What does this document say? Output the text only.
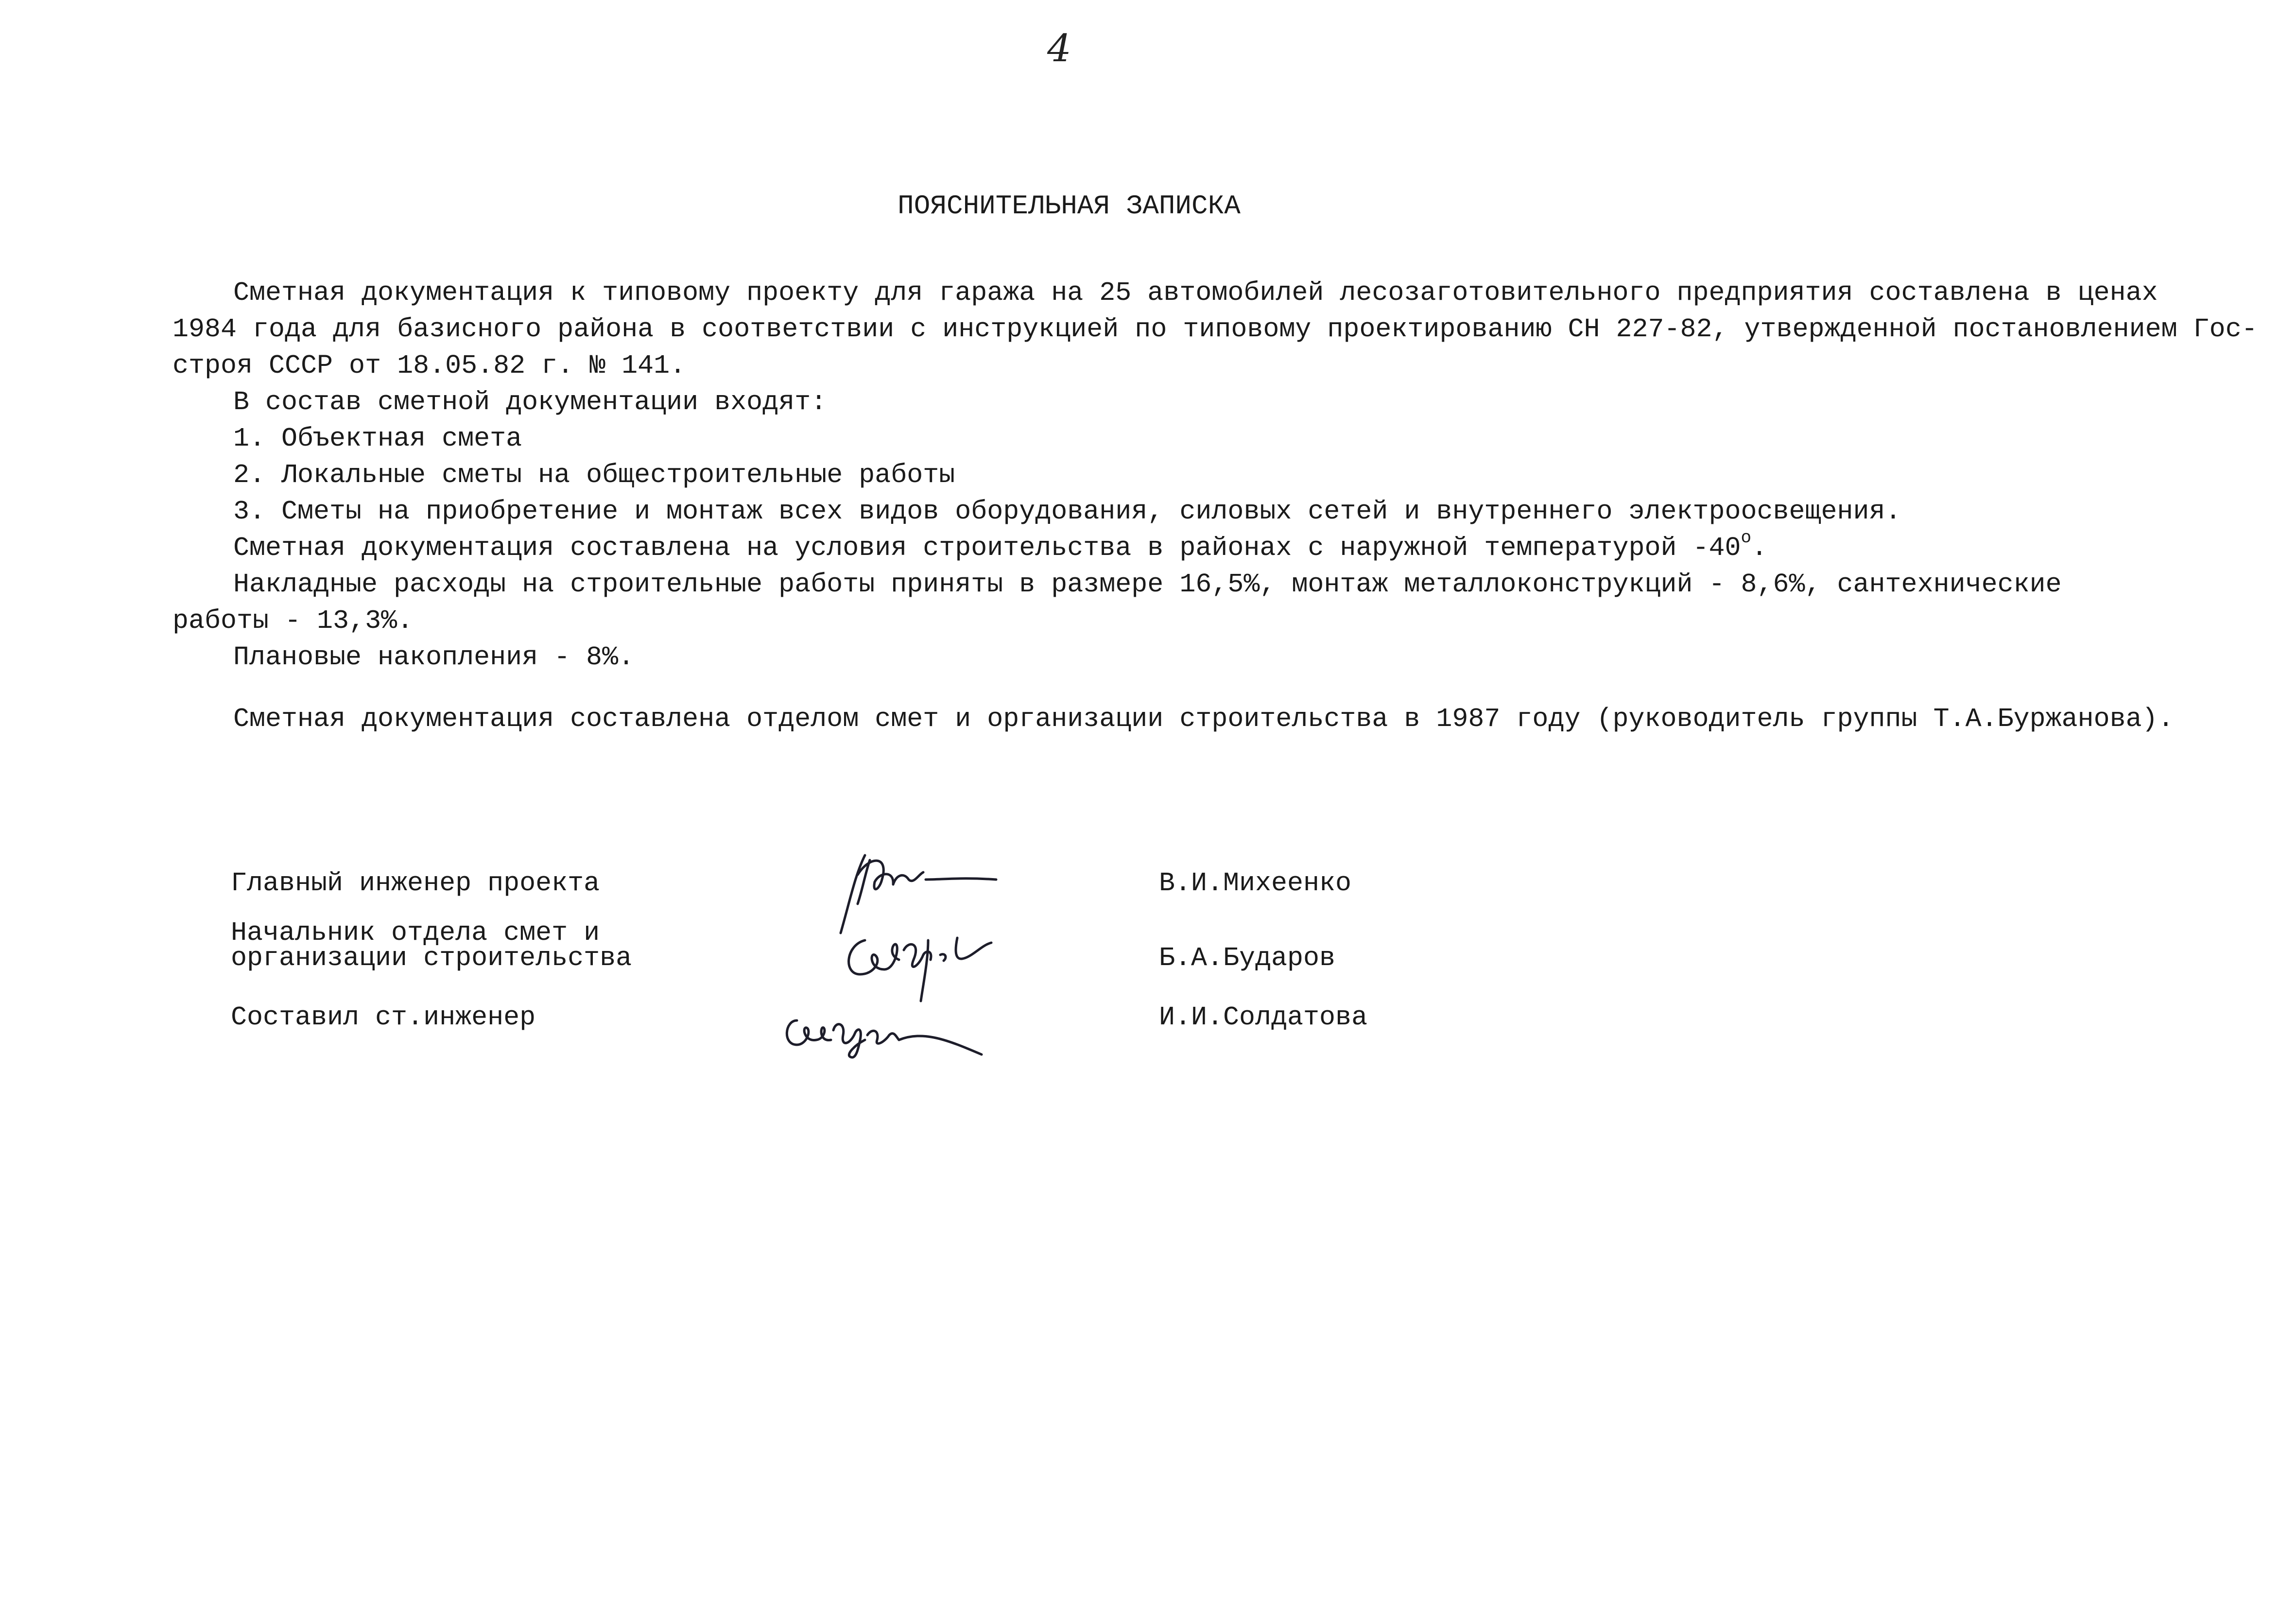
4
ПОЯСНИТЕЛЬНАЯ ЗАПИСКА
Сметная документация к типовому проекту для гаража на 25 автомобилей лесозаготовительного предприятия составлена в ценах
1984 года для базисного района в соответствии с инструкцией по типовому проектированию СН 227-82, утвержденной постановлением Гос-
строя СССР от 18.05.82 г. № 141.
В состав сметной документации входят:
1. Объектная смета
2. Локальные сметы на общестроительные работы
3. Сметы на приобретение и монтаж всех видов оборудования, силовых сетей и внутреннего электроосвещения.
Сметная документация составлена на условия строительства в районах с наружной температурой $-40^о$.
Накладные расходы на строительные работы приняты в размере 16,5%, монтаж металлоконструкций - 8,6%, сантехнические
работы - 13,3%.
Плановые накопления - 8%.
Сметная документация составлена отделом смет и организации строительства в 1987 году (руководитель группы Т.А.Буржанова).
Главный инженер проекта
Начальник отдела смет и
организации строительства
Составил ст.инженер
В.И.Михеенко
Б.А.Бударов
И.И.Солдатова
